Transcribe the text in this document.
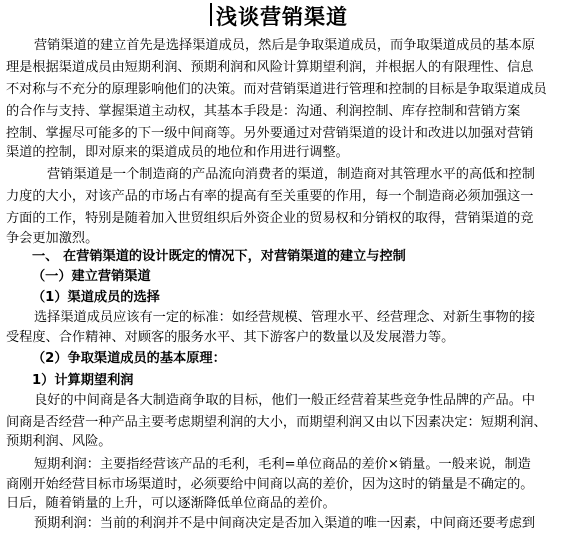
浅谈营销渠道
营销渠道的建立首先是选择渠道成员，然后是争取渠道成员，而争取渠道成员的基本原
理是根据渠道成员由短期利润、预期利润和风险计算期望利润，并根据人的有限理性、信息
不对称与不充分的原理影响他们的决策。而对营销渠道进行管理和控制的目标是争取渠道成员
的合作与支持、掌握渠道主动权，其基本手段是：沟通、利润控制、库存控制和营销方案
控制、掌握尽可能多的下一级中间商等。另外要通过对营销渠道的设计和改进以加强对营销
渠道的控制，即对原来的渠道成员的地位和作用进行调整。
营销渠道是一个制造商的产品流向消费者的渠道，制造商对其管理水平的高低和控制
力度的大小，对该产品的市场占有率的提高有至关重要的作用，每一个制造商必须加强这一
方面的工作，特别是随着加入世贸组织后外资企业的贸易权和分销权的取得，营销渠道的竞
争会更加激烈。
一、 在营销渠道的设计既定的情况下，对营销渠道的建立与控制
（一）建立营销渠道
（1）渠道成员的选择
选择渠道成员应该有一定的标准：如经营规模、管理水平、经营理念、对新生事物的接
受程度、合作精神、对顾客的服务水平、其下游客户的数量以及发展潜力等。
（2）争取渠道成员的基本原理：
1）计算期望利润
良好的中间商是各大制造商争取的目标，他们一般正经营着某些竞争性品牌的产品。中
间商是否经营一种产品主要考虑期望利润的大小，而期望利润又由以下因素决定：短期利润、
预期利润、风险。
短期利润：主要指经营该产品的毛利，毛利=单位商品的差价×销量。一般来说，制造
商刚开始经营目标市场渠道时，必须要给中间商以高的差价，因为这时的销量是不确定的。
日后，随着销量的上升，可以逐渐降低单位商品的差价。
预期利润：当前的利润并不是中间商决定是否加入渠道的唯一因素，中间商还要考虑到
